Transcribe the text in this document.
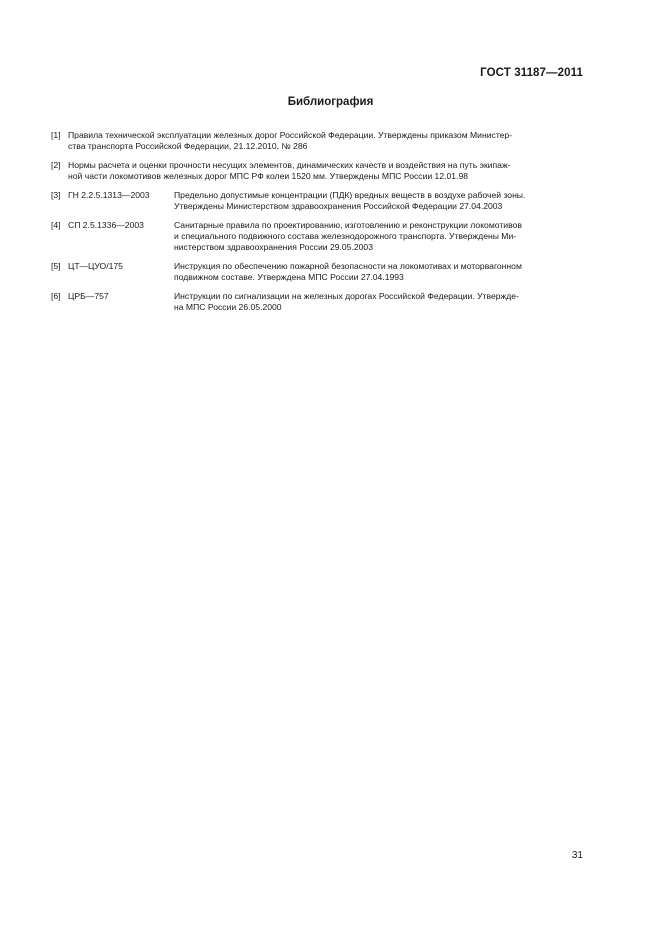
ГОСТ 31187—2011
Библиография
[1] Правила технической эксплуатации железных дорог Российской Федерации. Утверждены приказом Министер-
ства транспорта Российской Федерации, 21.12.2010, № 286
[2] Нормы расчета и оценки прочности несущих элементов, динамических качеств и воздействия на путь экипаж-
ной части локомотивов железных дорог МПС РФ колеи 1520 мм. Утверждены МПС России 12.01.98
[3] ГН 2.2.5.1313—2003	Предельно допустимые концентрации (ПДК) вредных веществ в воздухе рабочей зоны.
Утверждены Министерством здравоохранения Российской Федерации 27.04.2003
[4] СП 2.5.1336—2003	Санитарные правила по проектированию, изготовлению и реконструкции локомотивов
и специального подвижного состава железнодорожного транспорта. Утверждены Ми-
нистерством здравоохранения России 29.05.2003
[5] ЦТ—ЦУО/175	Инструкция по обеспечению пожарной безопасности на локомотивах и моторвагонном
подвижном составе. Утверждена МПС России 27.04.1993
[6] ЦРБ—757	Инструкции по сигнализации на железных дорогах Российской Федерации. Утвержде-
на МПС России 26.05.2000
31
